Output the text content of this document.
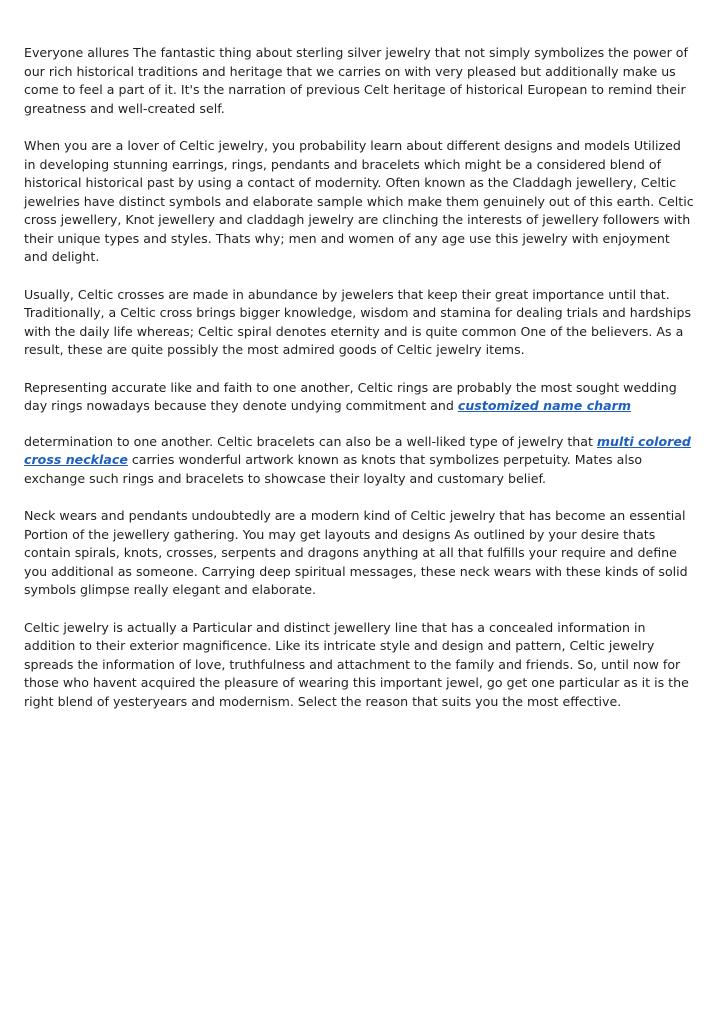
Everyone allures The fantastic thing about sterling silver jewelry that not simply symbolizes the power of our rich historical traditions and heritage that we carries on with very pleased but additionally make us come to feel a part of it. It's the narration of previous Celt heritage of historical European to remind their greatness and well-created self.

When you are a lover of Celtic jewelry, you probability learn about different designs and models Utilized in developing stunning earrings, rings, pendants and bracelets which might be a considered blend of historical historical past by using a contact of modernity. Often known as the Claddagh jewellery, Celtic jewelries have distinct symbols and elaborate sample which make them genuinely out of this earth. Celtic cross jewellery, Knot jewellery and claddagh jewelry are clinching the interests of jewellery followers with their unique types and styles. Thats why; men and women of any age use this jewelry with enjoyment and delight.

Usually, Celtic crosses are made in abundance by jewelers that keep their great importance until that. Traditionally, a Celtic cross brings bigger knowledge, wisdom and stamina for dealing trials and hardships with the daily life whereas; Celtic spiral denotes eternity and is quite common One of the believers. As a result, these are quite possibly the most admired goods of Celtic jewelry items.

Representing accurate like and faith to one another, Celtic rings are probably the most sought wedding day rings nowadays because they denote undying commitment and customized name charm

determination to one another. Celtic bracelets can also be a well-liked type of jewelry that multi colored cross necklace carries wonderful artwork known as knots that symbolizes perpetuity. Mates also exchange such rings and bracelets to showcase their loyalty and customary belief.

Neck wears and pendants undoubtedly are a modern kind of Celtic jewelry that has become an essential Portion of the jewellery gathering. You may get layouts and designs As outlined by your desire thats contain spirals, knots, crosses, serpents and dragons anything at all that fulfills your require and define you additional as someone. Carrying deep spiritual messages, these neck wears with these kinds of solid symbols glimpse really elegant and elaborate.

Celtic jewelry is actually a Particular and distinct jewellery line that has a concealed information in addition to their exterior magnificence. Like its intricate style and design and pattern, Celtic jewelry spreads the information of love, truthfulness and attachment to the family and friends. So, until now for those who havent acquired the pleasure of wearing this important jewel, go get one particular as it is the right blend of yesteryears and modernism. Select the reason that suits you the most effective.
